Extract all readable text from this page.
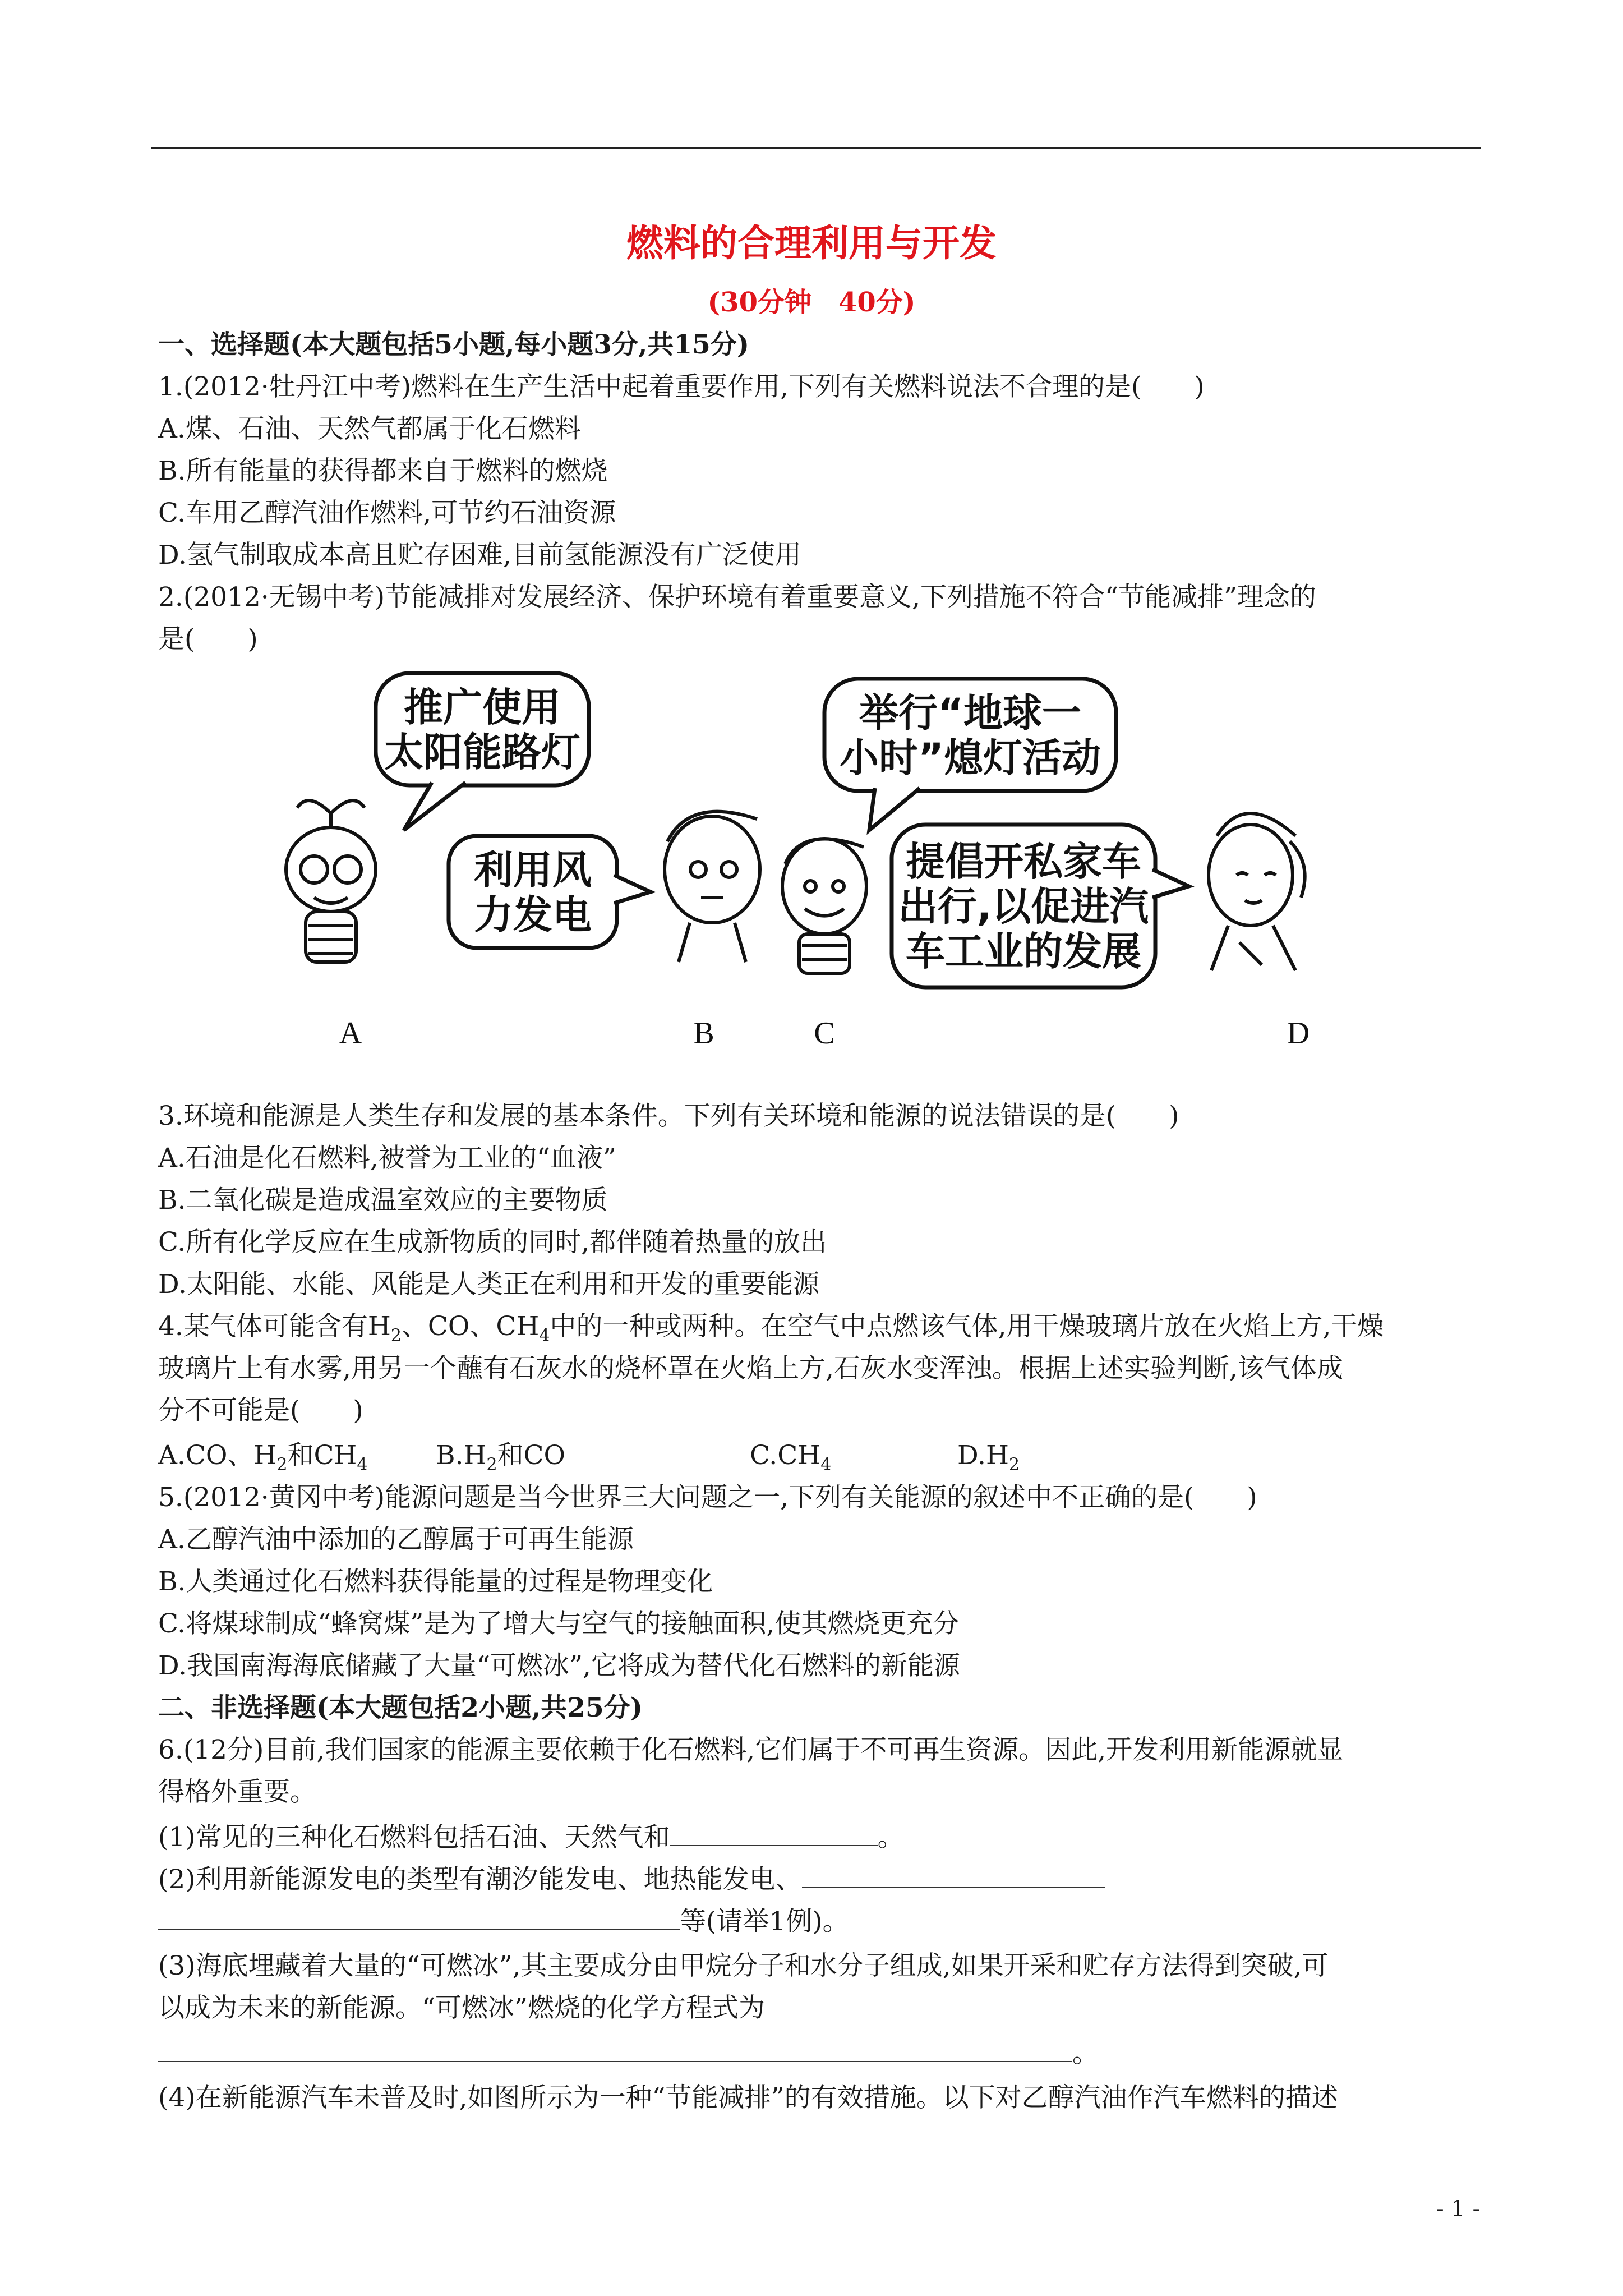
燃料的合理利用与开发
(30分钟　40分)
一、选择题(本大题包括5小题,每小题3分,共15分)
1.(2012·牡丹江中考)燃料在生产生活中起着重要作用,下列有关燃料说法不合理的是(　　)
A.煤、石油、天然气都属于化石燃料
B.所有能量的获得都来自于燃料的燃烧
C.车用乙醇汽油作燃料,可节约石油资源
D.氢气制取成本高且贮存困难,目前氢能源没有广泛使用
2.(2012·无锡中考)节能减排对发展经济、保护环境有着重要意义,下列措施不符合“节能减排”理念的
是(　　)
推广使用
太阳能路灯
利用风
力发电
举行“地球一
小时”熄灯活动
提倡开私家车
出行,以促进汽
车工业的发展
A	B	C	D
3.环境和能源是人类生存和发展的基本条件。下列有关环境和能源的说法错误的是(　　)
A.石油是化石燃料,被誉为工业的“血液”
B.二氧化碳是造成温室效应的主要物质
C.所有化学反应在生成新物质的同时,都伴随着热量的放出
D.太阳能、水能、风能是人类正在利用和开发的重要能源
4.某气体可能含有$H_2$、CO、$CH_4$中的一种或两种。在空气中点燃该气体,用干燥玻璃片放在火焰上方,干燥
玻璃片上有水雾,用另一个蘸有石灰水的烧杯罩在火焰上方,石灰水变浑浊。根据上述实验判断,该气体成
分不可能是(　　)
A.CO、$H_2$和$CH_4$	$B.H_2$和CO	$C.CH_4$	$D.H_2$
5.(2012·黄冈中考)能源问题是当今世界三大问题之一,下列有关能源的叙述中不正确的是(　　)
A.乙醇汽油中添加的乙醇属于可再生能源
B.人类通过化石燃料获得能量的过程是物理变化
C.将煤球制成“蜂窝煤”是为了增大与空气的接触面积,使其燃烧更充分
D.我国南海海底储藏了大量“可燃冰”,它将成为替代化石燃料的新能源
二、非选择题(本大题包括2小题,共25分)
6.(12分)目前,我们国家的能源主要依赖于化石燃料,它们属于不可再生资源。因此,开发利用新能源就显
得格外重要。
(1)常见的三种化石燃料包括石油、天然气和	。
(2)利用新能源发电的类型有潮汐能发电、地热能发电、
等(请举1例)。
(3)海底埋藏着大量的“可燃冰”,其主要成分由甲烷分子和水分子组成,如果开采和贮存方法得到突破,可
以成为未来的新能源。“可燃冰”燃烧的化学方程式为
。
(4)在新能源汽车未普及时,如图所示为一种“节能减排”的有效措施。以下对乙醇汽油作汽车燃料的描述
- 1 -
